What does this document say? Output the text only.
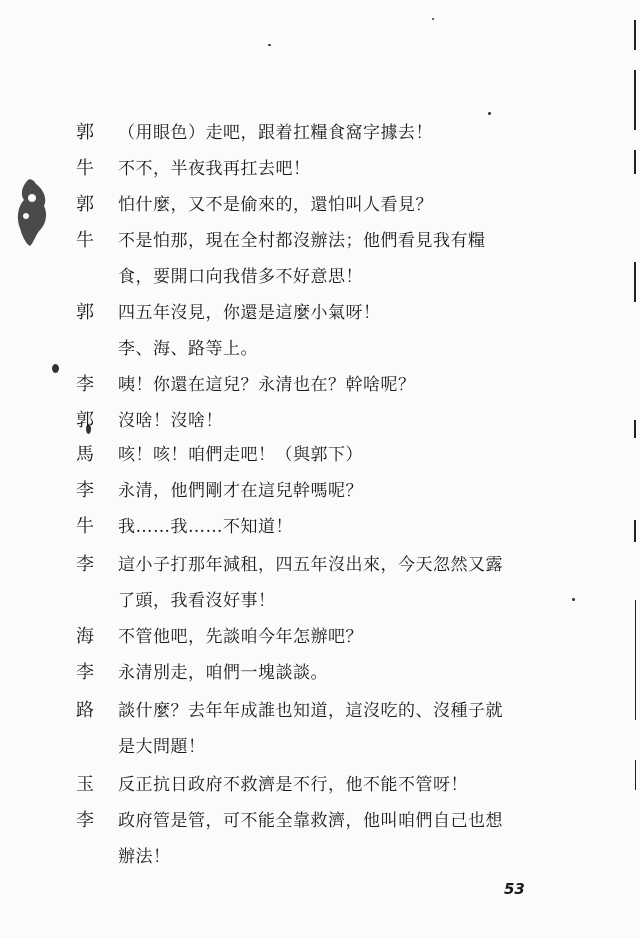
郭 （用眼色）走吧，跟着扛糧食窩字據去！
牛 不不，半夜我再扛去吧！
郭 怕什麼，又不是偷來的，還怕叫人看見？
牛 不是怕那，現在全村都沒辦法；他們看見我有糧
食，要開口向我借多不好意思！
郭 四五年沒見，你還是這麼小氣呀！
李、海、路等上。
李 咦！你還在這兒？永清也在？幹啥呢？
郭 沒啥！沒啥！
馬 咳！咳！咱們走吧！（與郭下）
李 永清，他們剛才在這兒幹嗎呢？
牛 我……我……不知道！
李 這小子打那年減租，四五年沒出來，今天忽然又露
了頭，我看沒好事！
海 不管他吧，先談咱今年怎辦吧？
李 永清別走，咱們一塊談談。
路 談什麼？去年年成誰也知道，這沒吃的、沒種子就
是大問題！
玉 反正抗日政府不救濟是不行，他不能不管呀！
李 政府管是管，可不能全靠救濟，他叫咱們自己也想
辦法！
53
